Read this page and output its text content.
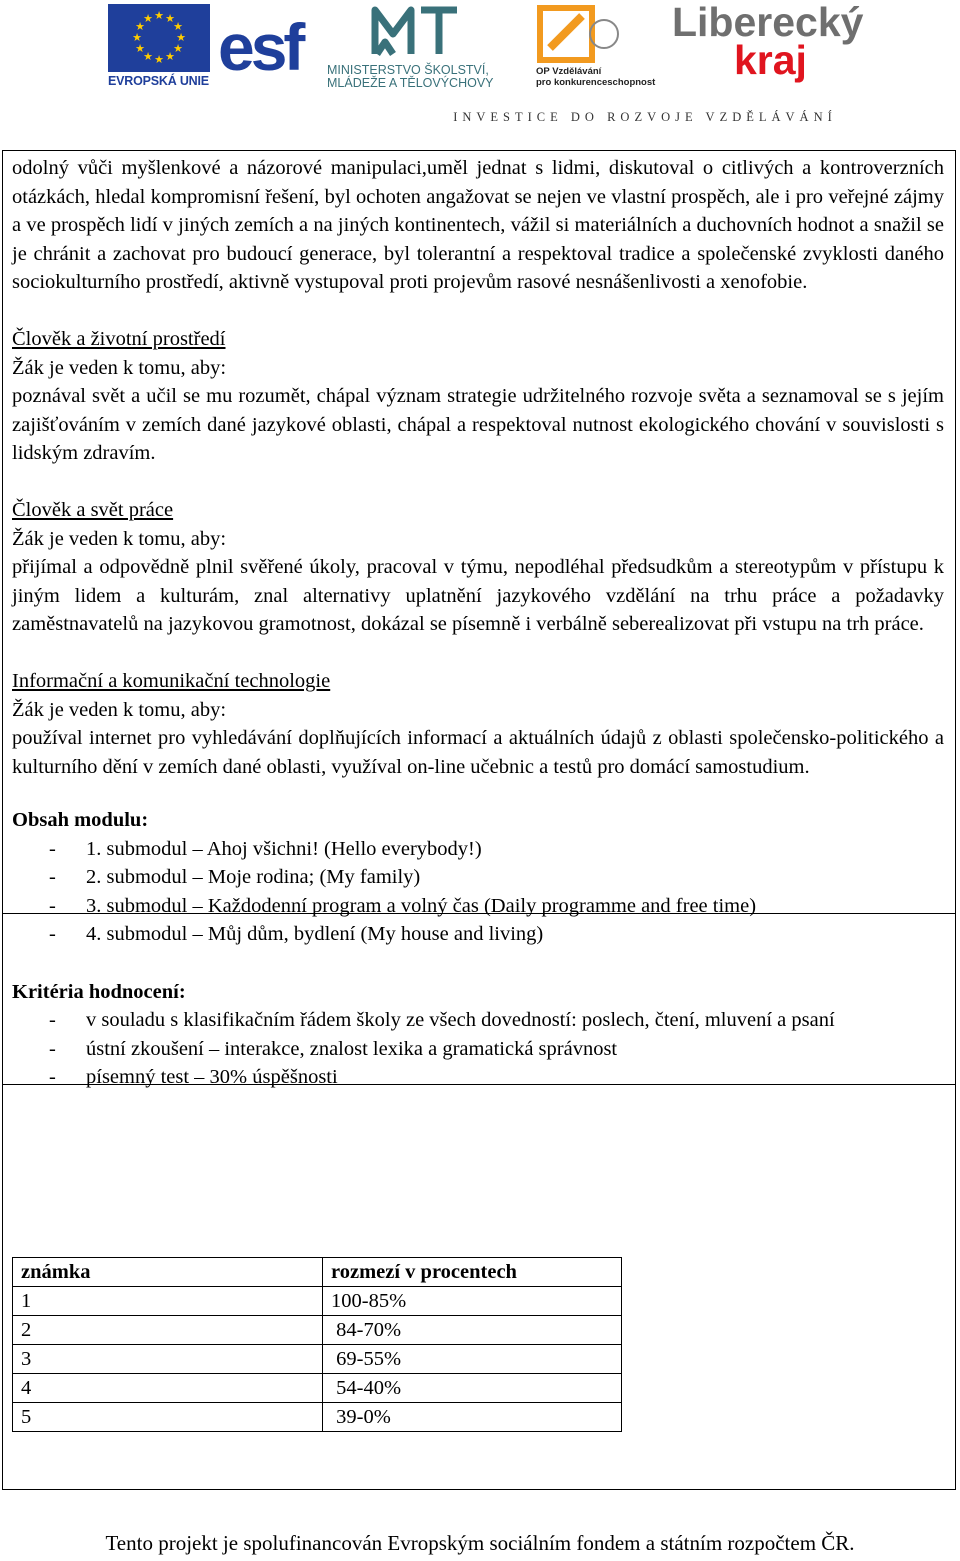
★ ★
★
★
★
★
★
★
★
★
★
★
EVROPSKÁ UNIE esf MINISTERSTVO ŠKOLSTVÍ,
MLÁDEŽE A TĚLOVÝCHOVY
OP Vzdělávání
pro konkurenceschopnost
Liberecký
kraj
INVESTICE DO ROZVOJE VZDĚLÁVÁNÍ

odolný vůči myšlenkové a názorové manipulaci,uměl jednat s lidmi, diskutoval o citlivých a kontroverzních otázkách, hledal kompromisní řešení, byl ochoten angažovat se nejen ve vlastní prospěch, ale i pro veřejné zájmy a ve prospěch lidí v jiných zemích a na jiných kontinentech, vážil si materiálních a duchovních hodnot a snažil se je chránit a zachovat pro budoucí generace, byl tolerantní a respektoval tradice a společenské zvyklosti daného sociokulturního prostředí, aktivně vystupoval proti projevům rasové nesnášenlivosti a xenofobie.

Člověk a životní prostředí

Žák je veden k tomu, aby:

poznával svět a učil se mu rozumět, chápal význam strategie udržitelného rozvoje světa a seznamoval se s jejím zajišťováním v zemích dané jazykové oblasti, chápal a respektoval nutnost ekologického chování v souvislosti s lidským zdravím.

Člověk a svět práce

Žák je veden k tomu, aby:

přijímal a odpovědně plnil svěřené úkoly, pracoval v týmu, nepodléhal předsudkům a stereotypům v přístupu k jiným lidem a kulturám, znal alternativy uplatnění jazykového vzdělání na trhu práce a požadavky zaměstnavatelů na jazykovou gramotnost, dokázal se písemně i verbálně seberealizovat při vstupu na trh práce.

Informační a komunikační technologie

Žák je veden k tomu, aby:

používal internet pro vyhledávání doplňujících informací a aktuálních údajů z oblasti společensko-politického a kulturního dění v zemích dané oblasti, využíval on-line učebnic a testů pro domácí samostudium.

Obsah modulu:

- 1. submodul – Ahoj všichni! (Hello everybody!)
- 2. submodul – Moje rodina; (My family)
- 3. submodul – Každodenní program a volný čas (Daily programme and free time)
- 4. submodul – Můj dům, bydlení (My house and living)

Kritéria hodnocení:

- v souladu s klasifikačním řádem školy ze všech dovedností: poslech, čtení, mluvení a psaní
- ústní zkoušení – interakce, znalost lexika a gramatická správnost
- písemný test – 30% úspěšnosti
známka	rozmezí v procentech
1	100-85%
2	84-70%
3	69-55%
4	54-40%
5	39-0%
Tento projekt je spolufinancován Evropským sociálním fondem a státním rozpočtem ČR.
